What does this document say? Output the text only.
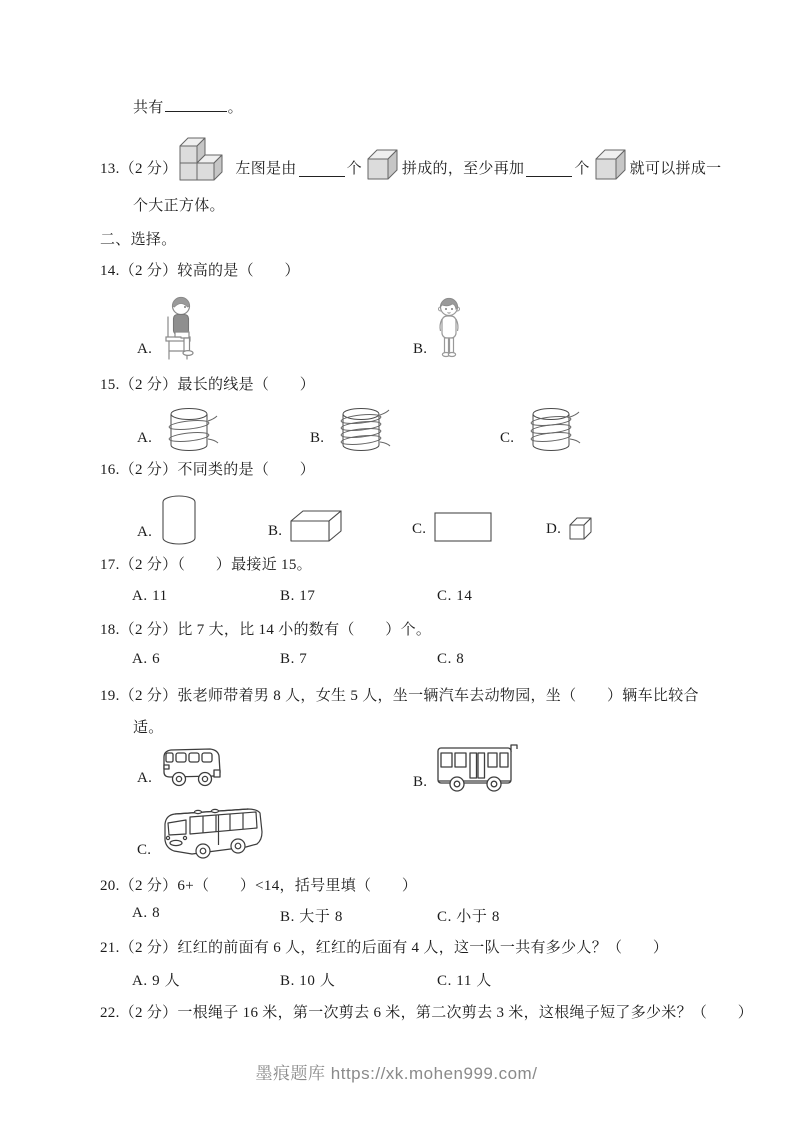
共有	。
13.（2 分）	左图是由	个	拼成的，至少再加	个	就可以拼成一
个大正方体。
二、选择。
14.（2 分）较高的是（　　）
A.	B.
15.（2 分）最长的线是（　　）
A.	B.	C.
16.（2 分）不同类的是（　　）
A.	B.	C.	D.
17.（2 分）（　　）最接近 15。
A. 11	B. 17	C. 14
18.（2 分）比 7 大，比 14 小的数有（　　）个。
A. 6	B. 7	C. 8
19.（2 分）张老师带着男 8 人，女生 5 人，坐一辆汽车去动物园，坐（　　）辆车比较合
适。
A.	B.
C.
20.（2 分）6+（　　）<14，括号里填（　　）
A. 8	B. 大于 8	C. 小于 8
21.（2 分）红红的前面有 6 人，红红的后面有 4 人，这一队一共有多少人？（　　）
A. 9 人	B. 10 人	C. 11 人
22.（2 分）一根绳子 16 米，第一次剪去 6 米，第二次剪去 3 米，这根绳子短了多少米？（　　）
墨痕题库 https://xk.mohen999.com/
